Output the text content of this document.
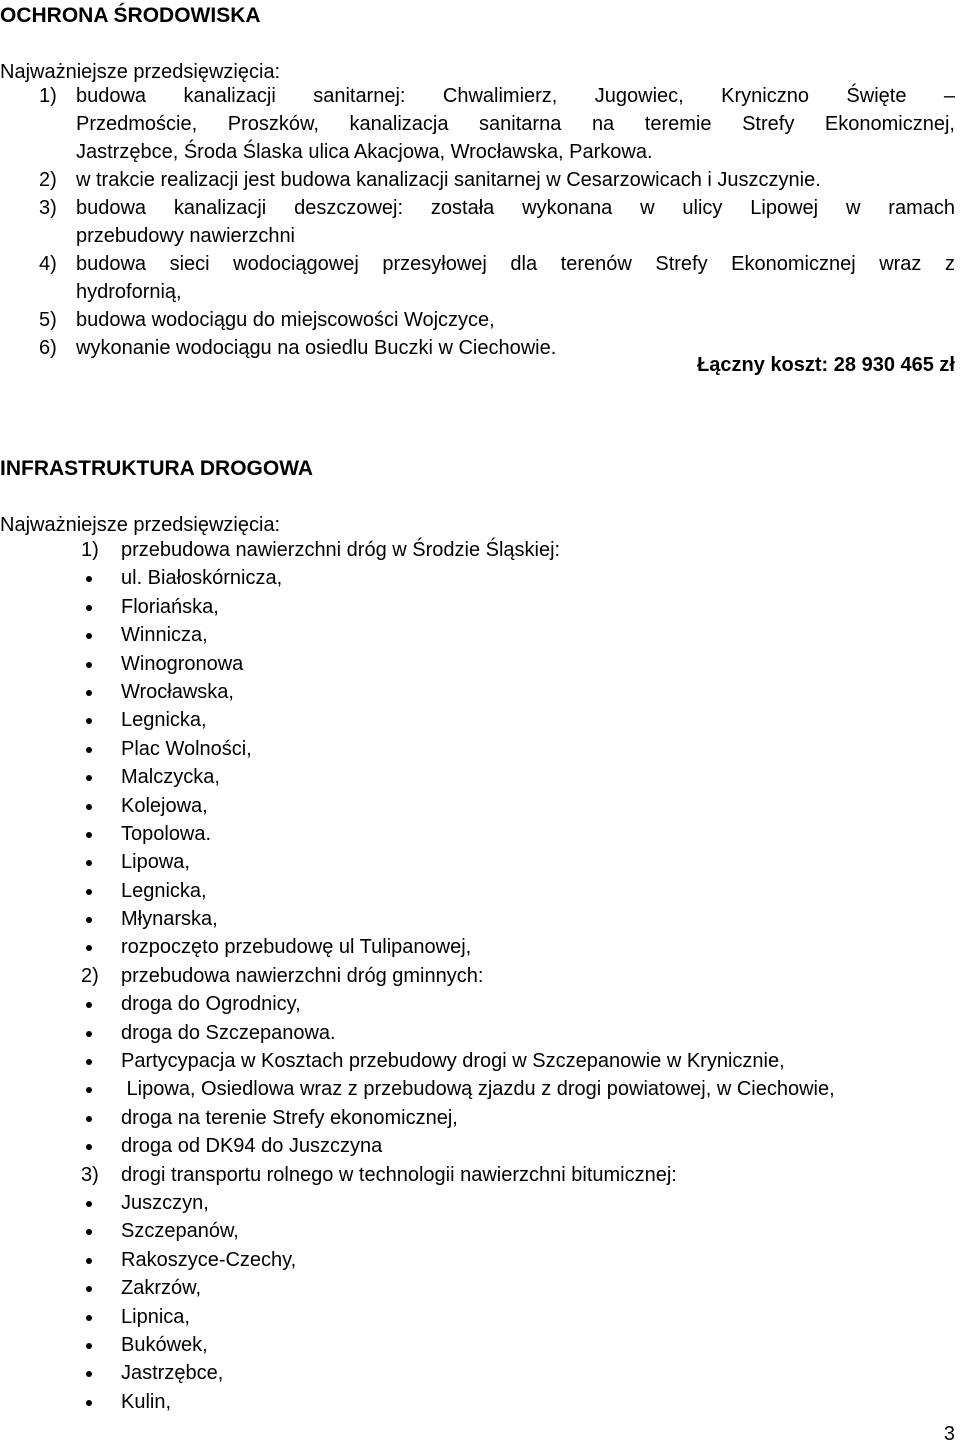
OCHRONA ŚRODOWISKA
Najważniejsze przedsięwzięcia:
1) budowa kanalizacji sanitarnej: Chwalimierz, Jugowiec, Kryniczno Święte –
Przedmoście, Proszków, kanalizacja sanitarna na teremie Strefy Ekonomicznej,
Jastrzębce, Środa Ślaska ulica Akacjowa, Wrocławska, Parkowa.
2) w trakcie realizacji jest budowa kanalizacji sanitarnej w Cesarzowicach i Juszczynie.
3) budowa kanalizacji deszczowej: została wykonana w ulicy Lipowej w ramach
przebudowy nawierzchni
4) budowa sieci wodociągowej przesyłowej dla terenów Strefy Ekonomicznej wraz z
hydrofornią,
5) budowa wodociągu do miejscowości Wojczyce,
6) wykonanie wodociągu na osiedlu Buczki w Ciechowie.
Łączny koszt: 28 930 465 zł
INFRASTRUKTURA DROGOWA
Najważniejsze przedsięwzięcia:
1) przebudowa nawierzchni dróg w Środzie Śląskiej:
ul. Białoskórnicza,
Floriańska,
Winnicza,
Winogronowa
Wrocławska,
Legnicka,
Plac Wolności,
Malczycka,
Kolejowa,
Topolowa.
Lipowa,
Legnicka,
Młynarska,
rozpoczęto przebudowę ul Tulipanowej,
2) przebudowa nawierzchni dróg gminnych:
droga do Ogrodnicy,
droga do Szczepanowa.
Partycypacja w Kosztach przebudowy drogi w Szczepanowie w Krynicznie,
Lipowa, Osiedlowa wraz z przebudową zjazdu z drogi powiatowej, w Ciechowie,
droga na terenie Strefy ekonomicznej,
droga od DK94 do Juszczyna
3) drogi transportu rolnego w technologii nawierzchni bitumicznej:
Juszczyn,
Szczepanów,
Rakoszyce-Czechy,
Zakrzów,
Lipnica,
Bukówek,
Jastrzębce,
Kulin,
3
